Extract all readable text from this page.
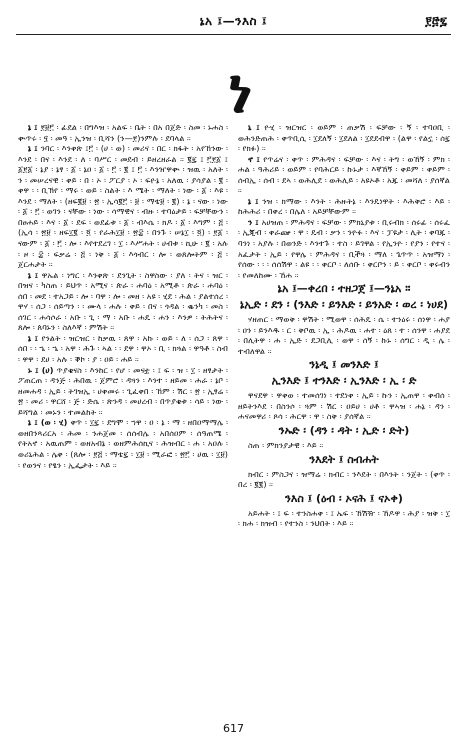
ኔአ ፤—ንእስ ፤	፻፸፯
ነ

ኔ ፤ ፻፱፫ ፡ ፊደል ፡ በግእዝ ፡ አልፍ ፡ ቤት ፡ በአ በጀድ ፡ ስመ ፡ ኑሐስ ፡ ቍጥሩ ፡ ፶ ፡ መዓ ፡ ኢንዝ ፡ ቢሻን (ን—፻)ንምሉ ፡ ደባላል ።

ኔ ፤ ንባር ፡ እንቀጽ ፤፫ ፡ (ሀ ፡ ወ) ፡ መሪና ፡ በር ፡ ክፋት ፡ አየኸንው ፡ እንደ ፡ በና ፡ እንደ ፡ ለ ፡ ባሥር ፡ መደብ ፡ ይዘረዘራል ። ፪፯ ፤ ፫፻፩ ፤ ፩፻፩ ፡ ኔያ ፡ ኔፃ ፡ ፩ ፡ ኔዐ ፡ ፩ ፡ ፫ ፡ ፪ ፤ ፫ ፡ እንዠዋቍ ፡ ዝዉ ፡ አለት ፡ ን ፡ መሠረናዊ ፡ ቀይ ፡ በ ፡ ኦ ፡ ፖርያ ፡ ኦ ፡ ፍዮኔ ፡ አለዉ ፡ ያሳያል ፡ ፪ ፡ ቀዋ ፡ ፡ ቢኽየ ፡ ማሩ ፡ ወይ ፡ ስልት ፡ እ ሜት ፡ ማለት ፡ ነው ፡ ፩ ፡ እዩ ፡ እንደ ፡ ማለት ፡ (ዘፍ፪፱ ፡ ፳ ፡ ኢሳ፪፫ ፡ ፱ ፡ ማቴ፱ ፡ ፪) ፡ ኔ ፡ ናው ፡ ነው ፡ ፩ ፡ ፫ ፡ ወገን ፡ ናቸው ፡ ነው ፡ ሳማዊና ፡ ብዙ ፡ ተባዕታይ ፡ ፍቻቸውን ፡ በፀሐይ ፡ እና ፡ ፩ ፡ ደፍ ፡ ወደፊቱ ፡ ፩ ፡ ብእሴ ፡ ክዶ ፡ ፩ ፡ እግም ፡ ፭ ፡ (ኢሳ ፡ ፳፱ ፡ ዘፍ፲፪ ፡ ፬ ፡ የራሕ፲፱ ፡ ፳፰ ፡ በንጉ ፡ ሠኔ፲ ፡ ፬) ፡ ፻፩ ፡ ናውም ፡ ፩ ፡ ፫ ፡ ሎ ፡ እየተደረገ ፡ ፲ ፡ እሥሐት ፡ ሀብቱ ፡ ኪሁ ፡ ፪ ፡ አሉ ፡ ዞ ፡ ፰ ፡ ፍቃሬ ፡ ፭ ፡ ነቅ ፡ ፩ ፡ እጎብር ፡ ሎ ፡ ወጸሎትም ፡ ፭ ፡ ጀርሐታት ።

ኔ ፤ ዋኡል ፡ ነግር ፡ እንቀጽ ፡ ደንጊት ፡ ስዋስው ፡ ያለ ፡ ትና ፡ ዝር ፡ በዝና ፡ ካስጠ ፡ ይህጥ ፡ አሚና ፡ ጵራ ፡ ሐባዕ ፡ አሚቶ ፡ ጵራ ፡ ሐባዕ ፡ ሰበ ፡ መደ ፡ ተአጋይ ፡ ሎ ፡ ባዋ ፡ ሎ ፡ መዘ ፡ አዩ ፡ ሂደ ፡ ሕል ፡ ያልተሰረ ፡ ዋሃ ፡ ሰጋ ፡ ሰይጣን ፡ ፡ ሙላ ፡ ሐሉ ፡ ቀይ ፡ በና ፡ ጎዳል ፡ ቈንካ ፡ መስ ፡ ሰገር ፡ ሐሳሶራ ፡ አቡ ፡ ጊ ፡ ማ ፡ አቡ ፡ ሐዴ ፡ ሐን ፡ እንዎ ፡ ትሕትና ፡ ጸሎ ፡ ጰባኑን ፡ ስለእኛ ፡ ምሽት ።

ኔ ፤ የንልት ፡ ዝርዝር ፡ ከቃዉ ፡ ጸዋ ፡ አኩ ፡ ወይ ፡ ለ ፡ ሰጋ ፡ ጸዋ ፡ ሰበ ፡ ፡ ኄ ፡ ኄ ፡ አዋ ፡ ሕጉ ፡ ኣል ፡ ፡ ደዋ ፡ ዋኦ ፡ ቢ ፡ ክጓል ፡ ዋዓቶ ፡ ስብ ፡ ዋዋ ፡ ደሀ ፡ አሉ ፡ ቕኮ ፡ ያ ፡ ዐይ ፡ ሐይ ።

ኑ ፤ (ሀ) ጥያቄናስ ፡ እንከር ፡ የሆ ፡ መናቷ ፡ ፤ ፍ ፡ ዝ ፡ ፲ ፡ ዘፃታት ፡ ፖጠርጠ ፡ ዳንጅ ፡ ሕበዉ ፡ ጀምሮ ፡ ዳጓን ፡ እንተ ፡ ዘይመ ፡ ሐራ ፡ ኔቦ ፡ ዘመሐዳ ፡ ኢይ ፡ ትገዝኢ ፡ ሀቀመሩ ፡ ጊፈቀበ ፡ ኸም ፡ ሽር ፡ ፳ ፡ ኢፃሬ ፡ ፳ ፡ መሪ ፡ ዋርሸ ፡ ጅ ፡ ድሴ ፡ ጽንዳ ፡ መሀረብ ፡ በጥያቄቱ ፡ ሳይ ፡ ነው ፡ ይሻግል ፡ መኑን ፡ ተመልከት ።

ኔ ፤ (ወ ፡ ሂ) ቀጥ ፡ ፲፯ ፡ ደግሞ ፡ ኀዋ ፡ ዐ ፡ ኔ ፡ ማ ፡ ዘበዐማማሌ ፡ ወዘበንጻሪርአ ፡ ሕመ ፡ ንሐጀመ ፡ ሰሰብሌ ፡ አበሰዐም ፡ ሰዓጠሜ ፡ የትአኖ ፡ አዉጠም ፡ ወዘአብኔ ፡ ወዘምሕሰኪና ፡ ሕዝብር ፡ ሐ ፡ አዐሉ ፡ ወሪኒሕል ፡ ሌቀ ፡ (ጸሎ ፡ ፻፭ ፡ ማቴ፯ ፡ ፲፱ ፡ ሚራፎ ፡ ፳፫ ፡ ሀዉ ፡ ፲፱) ፡ የወንና ፡ የፄን ፡ ኢፌታት ፡ እይ ።

ኒ ፤ ዮሂ ፡ ዝርዝር ፡ ወይም ፡ ጠቃሽ ፡ ፍቻው ፡ ኝ ፡ ተባዐቢ ፡ ወሕንድጠሕ ፡ ቀጥቢሲ ፡ ፲ደለኝ ፡ ፲ደለል ፡ ፲ደደብዋ ፡ (ልዋ ፡ የልኗ ፡ ሰ፯ ፡ የክፉ) ።

ኖ ፤ የጥሬና ፡ ቀጥ ፡ ምሕዳና ፡ ፍቻው ፡ እና ፡ ትግ ፡ ወኸኝ ፡ ምክ ፡ ሐል ፡ ዓሕሪይ ፡ ወይም ፡ የባሕርይ ፡ ኩኑታ ፡ እኛኸኝ ፡ ቀይም ፡ ቀይም ፡ ሰብኢ ፡ ሰብ ፡ ደኣ ፡ ወሕሊደ ፡ ወሕሊይ ፡ አዩኦቶ ፡ አጁ ፡ መሻለ ፡ ያሰኛል ።

ኔ ፤ ንዝ ፡ ክማው ፡ እንት ፡ ሕዙትኔ ፡ እንዴነዋት ፡ እሕቅሮ ፡ እይ ፡ ከሕሕሪ ፡ በቀረ ፡ በሌለ ፡ አይቻቸውም ።

ን ፤ አሀዝጠ ፡ ምሕዳና ፡ ፍቻው ፡ ምክኒያቱ ፡ ቢሩብክ ፡ ሰሩፊ ፡ ሰሩፈ ፡ ኢጂብ ፡ ቀራጬ ፡ ዋ ፡ ዴብ ፡ ቃን ፡ ንዮፉ ፡ እና ፡ ፓዩታ ፡ ሊት ፡ ቀባጁ ፡ ባንነ ፡ አያሉ ፡ በወንድ ፡ እንተጉ ፡ ተስ ፡ ይገዋል ፡ የኢንዮ ፡ የያን ፡ የተና ፡ አፈታት ፡ ኢይ ፡ የዋሌ ፡ ምሕዳና ፡ ቢችጓ ፡ ማለ ፡ ጌጥጥ ፡ አዝማነ ፡ የሰው ፡ ፡ ፡ ሰሰሽዋ ፡ ልዩ ፡ ፡ ቀርቦ ፡ ለሰቡ ፡ ቀርቦን ፡ ይ ፡ ቀርቦ ፡ ቀሩብን ፡ የመለከሙ ፡ ኸሐ ።

ኔአ ፤—ቀረበ ፡ ተዘጋጀ ፤—ንኔአ ።

ኔኢድ ፡ ደን ፡ (ንእድ ፡ ይንእድ ፡ ይንአድ ፡ ወረ ፡ ነሀደ)

ሃዘጠር ፡ ማወቅ ፡ ዋሽት ፡ ሚወዋ ፡ ሰሕዴ ፡ ሴ ፡ ተንዕሩ ፡ ሰነዋ ፡ ሐያ ፡ ዐን ፡ ይንእዱ ፡ ር ፡ ቅቦዉ ፡ ኢ ፡ ሕዶዉ ፡ ሐተ ፡ ዕጸ ፡ ተ ፡ ሰንዋ ፡ ሐያደ ፡ በሊትዋ ፡ ሐ ፡ ኢድ ፡ ደጋቢሊ ፡ ወዋ ፡ ሰኝ ፡ ኩኑ ፡ ሰግር ፡ ዲ ፡ ሌ ፡ ተብለዋል ።

ንኔዲ ፤ መንእድ ፤

ኢንእድ ፤ ተንእድ ፡ ኢንእድ ፡ ኢ ፡ ድ

ዋናደዋ ፡ ዋቀወ ፡ ተመሰገነ ፡ ተደነቀ ፡ ኢይ ፡ ኩን ፡ ኢጠዋ ፡ ቀብሰ ፡ ዘይትንእደ ፡ በስንሶ ፡ ጓም ፡ ሽር ፡ ዐይሀ ፡ ሀቶ ፡ ዋኣዝ ፡ ሐኔ ፡ ዳን ፡ ሐናመዋሪ ፡ ጾሳ ፡ ሕርዋ ፡ ዋ ፡ ስቅ ፡ ያሰኛል ።

ንኡድ ፡ (ዳን ፡ ዳት ፡ ኢድ ፡ ድት)

ስጠ ፡ ምክንያታዊ ፡ እይ ።

ንእደት ፤ ስብሐት

ክብር ፡ ምስጋና ፡ ዝማሬ ፡ ክብር ፡ ንእደት ፡ በእንት ፡ ንጀት ፡ (ቀጥ ፡ በረ ፡ ፪፪) ።

ንእስ ፤ (ዕብ ፡ ኦናሕ ፤ ናኦቀ)

አይሐት ፡ ፤ ፍ ፡ ተንስሐቀ ፡ ፤ ኤፍ ፡ ኸሽዥ ፡ ኸዶዋ ፡ ሕያ ፡ ዝቅ ፡ ፲ ፡ ክሐ ፡ ክዝብ ፡ የተንስ ፡ ንህበት ፡ እይ ።

617
